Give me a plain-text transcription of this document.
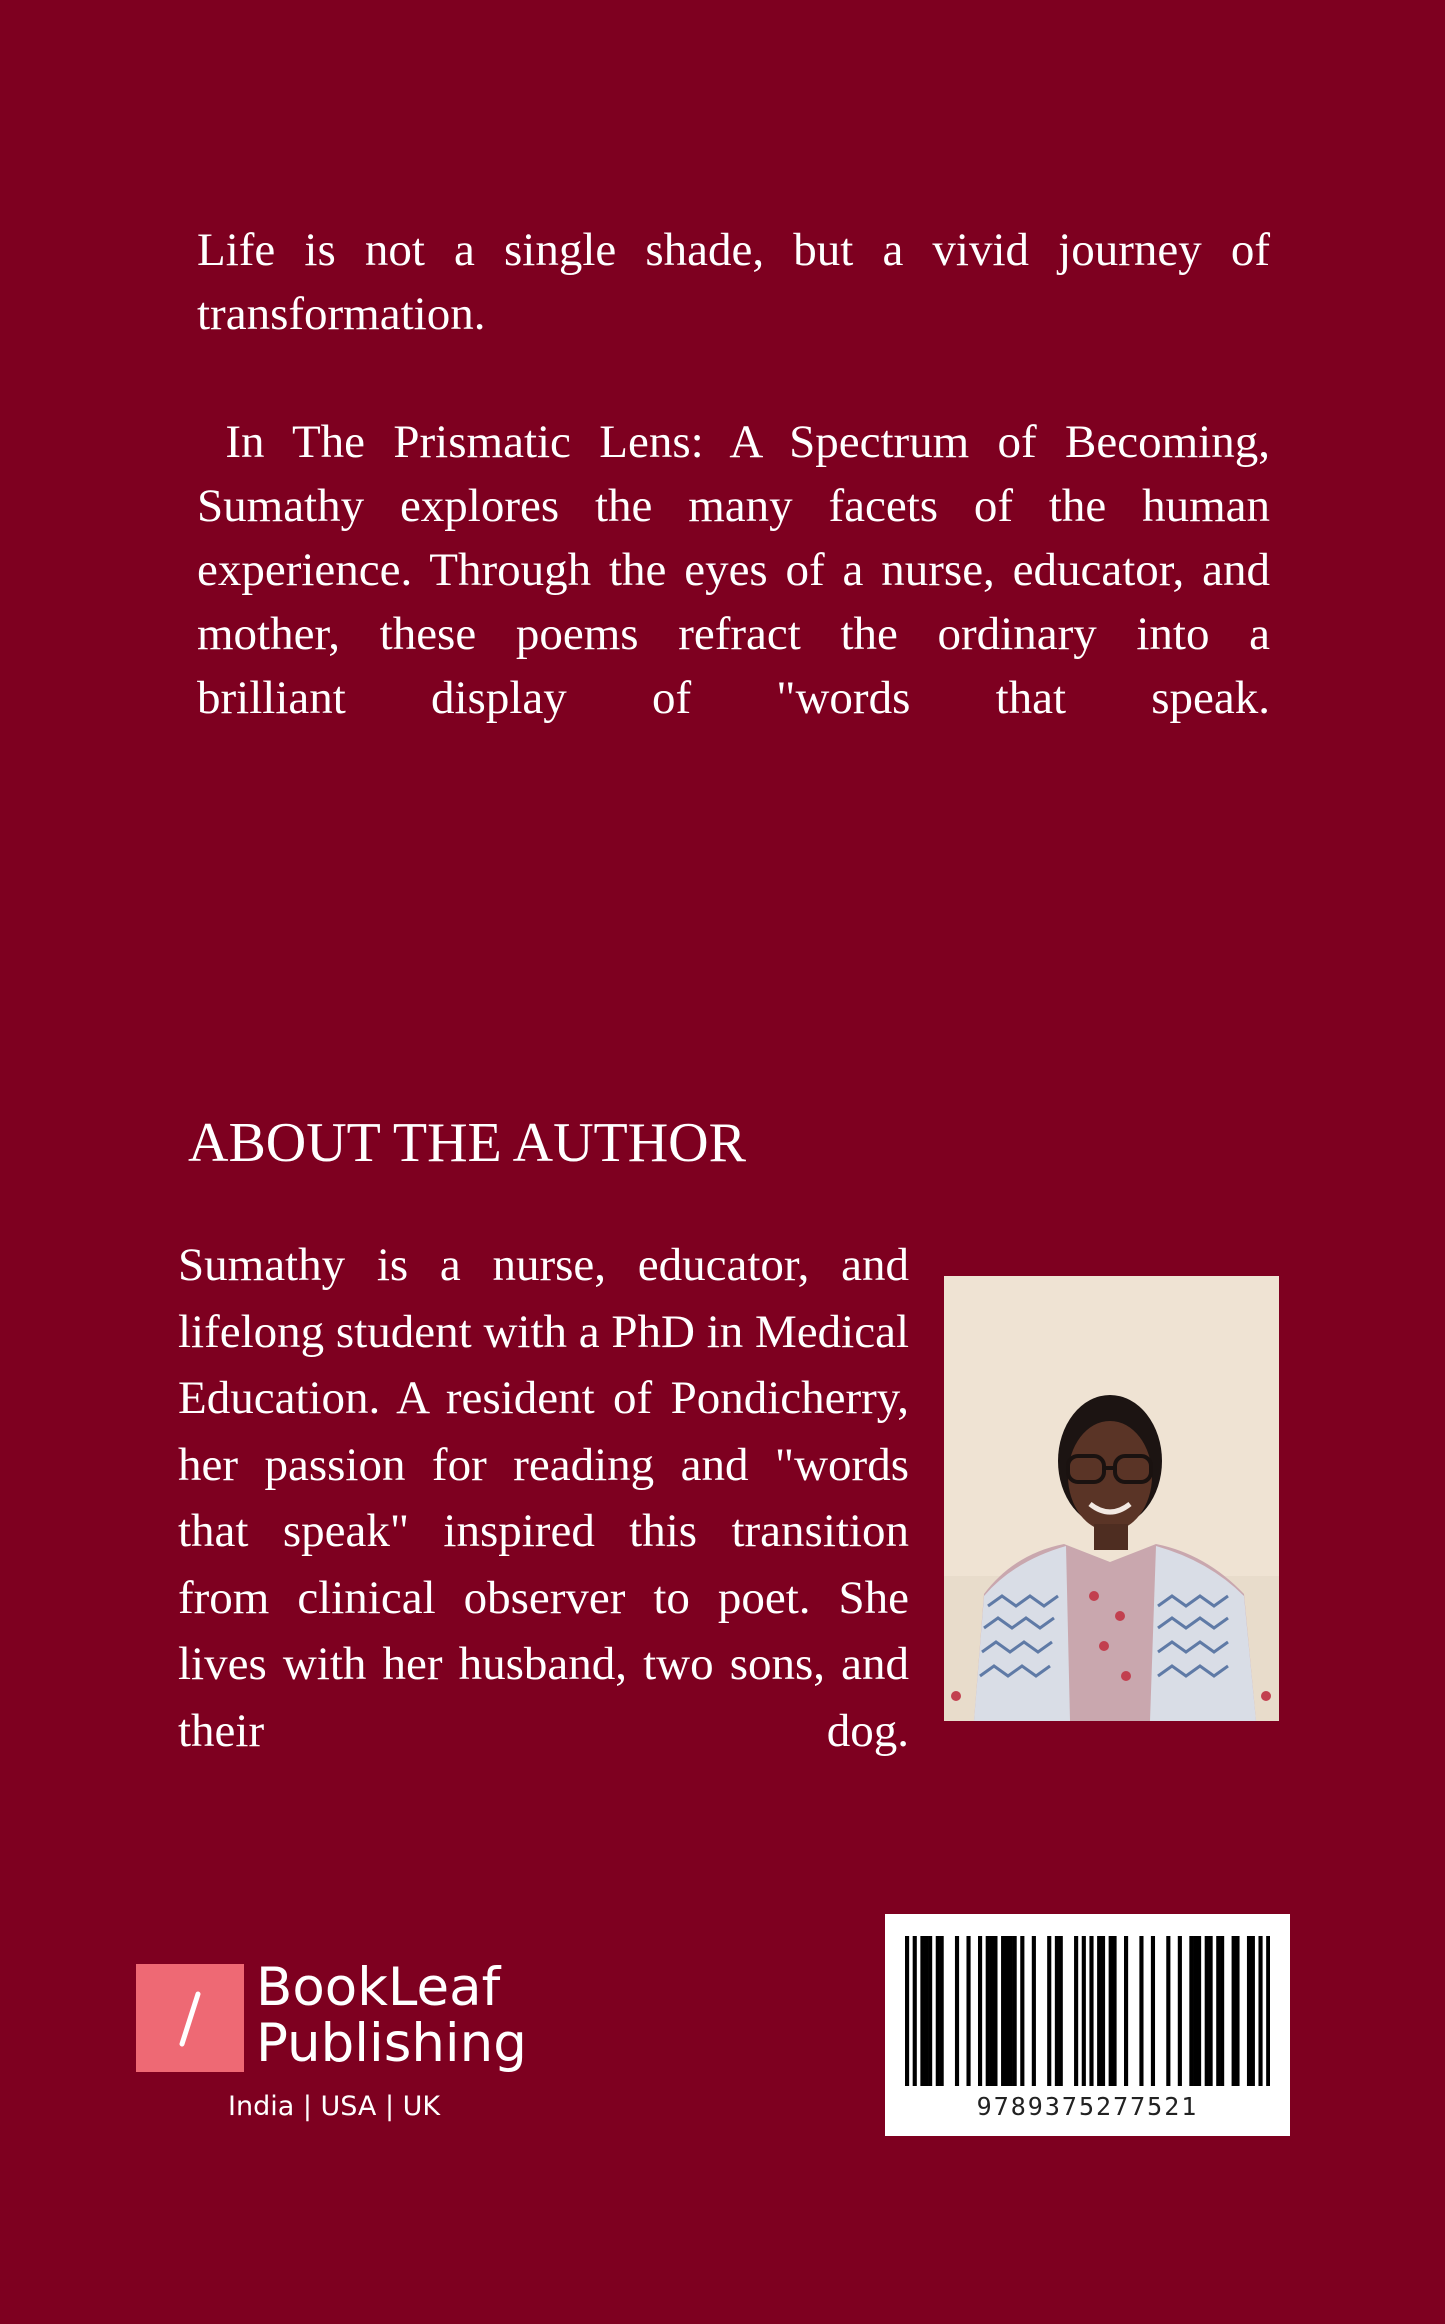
Life is not a single shade, but a vivid journey of

transformation.

In The Prismatic Lens: A Spectrum of Becoming,

Sumathy explores the many facets of the human

experience. Through the eyes of a nurse, educator, and

mother, these poems refract the ordinary into a

brilliant display of "words that speak.

ABOUT THE AUTHOR

Sumathy is a nurse, educator, and lifelong student with a PhD in Medical Education. A resident of Pondicherry, her passion for reading and "words that speak" inspired this transition from clinical observer to poet. She lives with her husband, two sons, and their dog.

BookLeaf
Publishing
India | USA | UK	9789375277521
